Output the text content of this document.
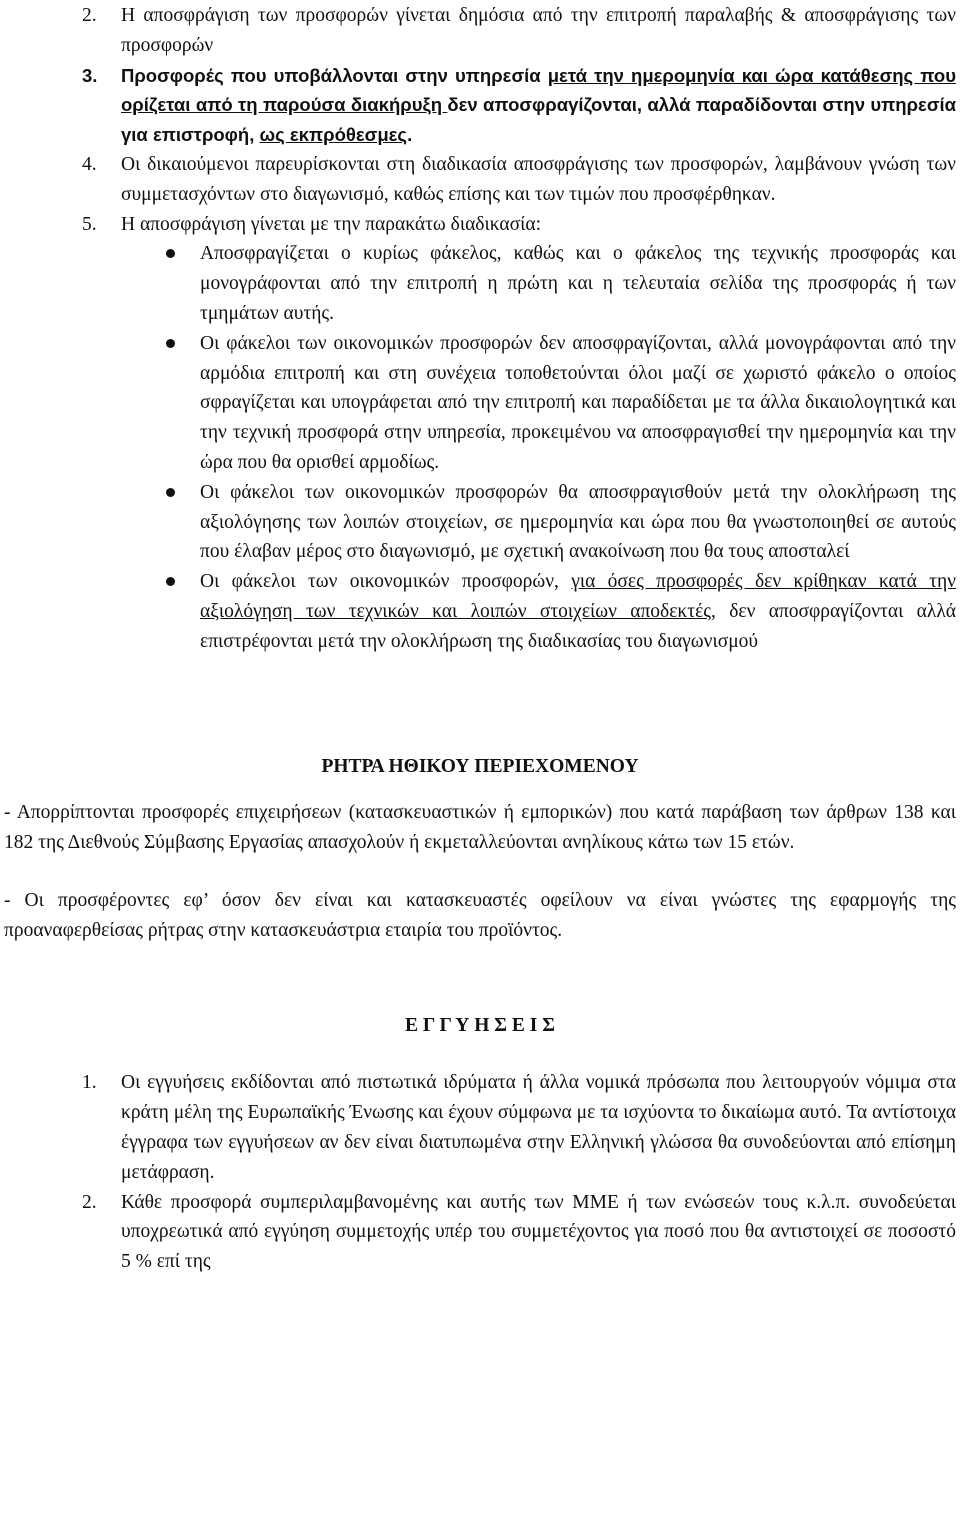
2. Η αποσφράγιση των προσφορών γίνεται δημόσια από την επιτροπή παραλαβής & αποσφράγισης των προσφορών
3. Προσφορές που υποβάλλονται στην υπηρεσία μετά την ημερομηνία και ώρα κατάθεσης που ορίζεται από τη παρούσα διακήρυξη δεν αποσφραγίζονται, αλλά παραδίδονται στην υπηρεσία για επιστροφή, ως εκπρόθεσμες.
4. Οι δικαιούμενοι παρευρίσκονται στη διαδικασία αποσφράγισης των προσφορών, λαμβάνουν γνώση των συμμετασχόντων στο διαγωνισμό, καθώς επίσης και των τιμών που προσφέρθηκαν.
5. Η αποσφράγιση γίνεται με την παρακάτω διαδικασία:
Αποσφραγίζεται ο κυρίως φάκελος, καθώς και ο φάκελος της τεχνικής προσφοράς και μονογράφονται από την επιτροπή η πρώτη και η τελευταία σελίδα της προσφοράς ή των τμημάτων αυτής.
Οι φάκελοι των οικονομικών προσφορών δεν αποσφραγίζονται, αλλά μονογράφονται από την αρμόδια επιτροπή και στη συνέχεια τοποθετούνται όλοι μαζί σε χωριστό φάκελο ο οποίος σφραγίζεται και υπογράφεται από την επιτροπή και παραδίδεται με τα άλλα δικαιολογητικά και την τεχνική προσφορά στην υπηρεσία, προκειμένου να αποσφραγισθεί την ημερομηνία και την ώρα που θα ορισθεί αρμοδίως.
Οι φάκελοι των οικονομικών προσφορών θα αποσφραγισθούν μετά την ολοκλήρωση της αξιολόγησης των λοιπών στοιχείων, σε ημερομηνία και ώρα που θα γνωστοποιηθεί σε αυτούς που έλαβαν μέρος στο διαγωνισμό, με σχετική ανακοίνωση που θα τους αποσταλεί
Οι φάκελοι των οικονομικών προσφορών, για όσες προσφορές δεν κρίθηκαν κατά την αξιολόγηση των τεχνικών και λοιπών στοιχείων αποδεκτές, δεν αποσφραγίζονται αλλά επιστρέφονται μετά την ολοκλήρωση της διαδικασίας του διαγωνισμού
ΡΗΤΡΑ ΗΘΙΚΟΥ ΠΕΡΙΕΧΟΜΕΝΟΥ
- Απορρίπτονται προσφορές επιχειρήσεων (κατασκευαστικών ή εμπορικών) που κατά παράβαση των άρθρων 138 και 182 της Διεθνούς Σύμβασης Εργασίας απασχολούν ή εκμεταλλεύονται ανηλίκους κάτω των 15 ετών.
- Οι προσφέροντες εφ’ όσον δεν είναι και κατασκευαστές οφείλουν να είναι γνώστες της εφαρμογής της προαναφερθείσας ρήτρας στην κατασκευάστρια εταιρία του προϊόντος.
Ε Γ Γ Υ Η Σ Ε Ι Σ
1. Οι εγγυήσεις εκδίδονται από πιστωτικά ιδρύματα ή άλλα νομικά πρόσωπα που λειτουργούν νόμιμα στα κράτη μέλη της Ευρωπαϊκής Ένωσης και έχουν σύμφωνα με τα ισχύοντα το δικαίωμα αυτό. Τα αντίστοιχα έγγραφα των εγγυήσεων αν δεν είναι διατυπωμένα στην Ελληνική γλώσσα θα συνοδεύονται από επίσημη μετάφραση.
2. Κάθε προσφορά συμπεριλαμβανομένης και αυτής των ΜΜΕ ή των ενώσεών τους κ.λ.π. συνοδεύεται υποχρεωτικά από εγγύηση συμμετοχής υπέρ του συμμετέχοντος για ποσό που θα αντιστοιχεί σε ποσοστό 5 % επί της
